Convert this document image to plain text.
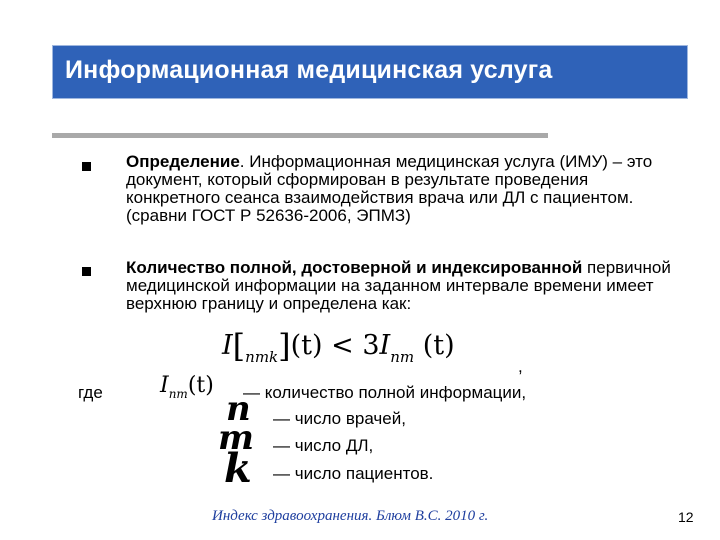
Информационная медицинская услуга
Определение. Информационная медицинская услуга (ИМУ) – это документ, который сформирован в результате проведения конкретного сеанса взаимодействия врача или ДЛ с пациентом. (сравни ГОСТ Р 52636-2006, ЭПМЗ)
Количество полной, достоверной и индексированной первичной медицинской информации на заданном интервале времени имеет верхнюю границу и определена как:
$I[_{nmk}](t) < 3I_{nm}$ (t)
,
где	$I_{nm}(t)$ — количество полной информации,
n — число врачей,
m — число ДЛ,
k — число пациентов.
Индекс здравоохранения. Блюм В.С. 2010 г.	12
